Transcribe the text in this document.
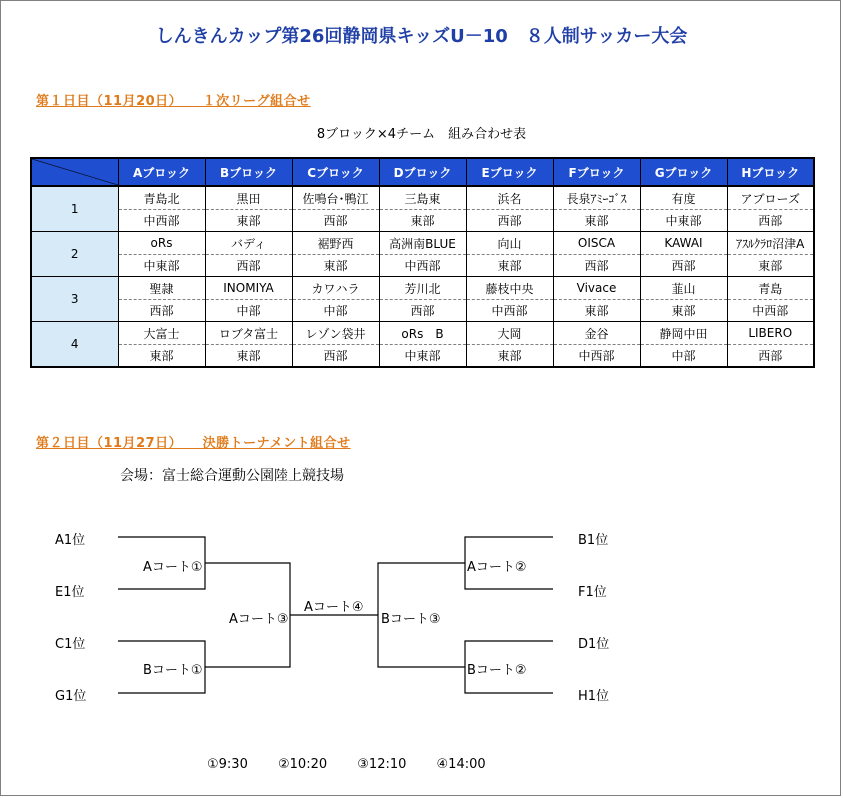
しんきんカップ第26回静岡県キッズU－10　８人制サッカー大会
第１日目（11月20日）　　１次リーグ組合せ
8ブロック×4チーム　組み合わせ表
	Aブロック	Bブロック	Cブロック	Dブロック	Eブロック	Fブロック	Gブロック	Hブロック
1	青島北	黒田	佐鳴台･鴨江	三島東	浜名	長泉ｱﾐｰｺﾞｽ	有度	アブローズ
	中西部	東部	西部	東部	西部	東部	中東部	西部
2	oRs	バディ	裾野西	高洲南BLUE	向山	OISCA	KAWAI	ｱｽﾙｸﾗﾛ沼津A
	中東部	西部	東部	中西部	東部	西部	西部	東部
3	聖隷	INOMIYA	カワハラ	芳川北	藤枝中央	Vivace	韮山	青島
	西部	中部	中部	西部	中西部	東部	東部	中西部
4	大富士	ロブタ富士	レゾン袋井	oRs　B	大岡	金谷	静岡中田	LIBERO
	東部	東部	西部	中東部	東部	中西部	中部	西部
第２日目（11月27日）　　決勝トーナメント組合せ
会場：富士総合運動公園陸上競技場
A1位
E1位
C1位
G1位
B1位
F1位
D1位
H1位
Aコート①
Bコート①
Aコート③
Aコート④
Bコート③
Aコート②
Bコート②
①9:30 ②10:20 ③12:10 ④14:00
